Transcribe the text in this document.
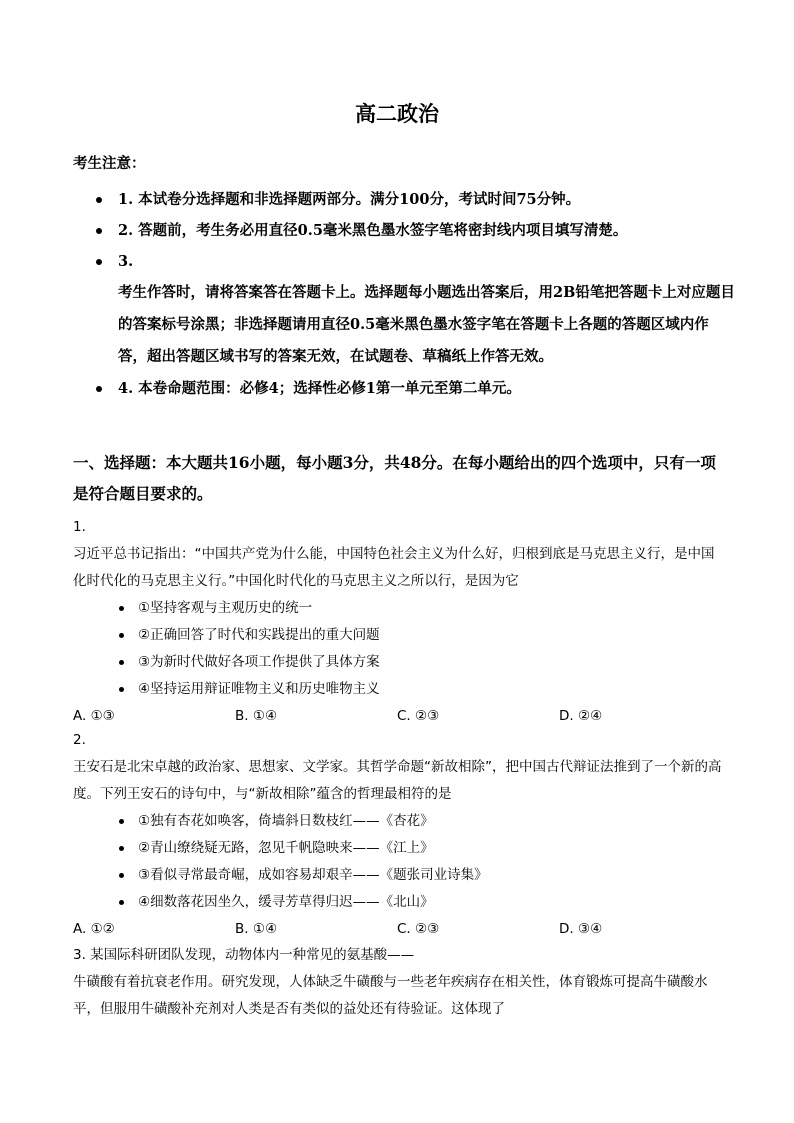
高二政治
考生注意：
1. 本试卷分选择题和非选择题两部分。满分100分，考试时间75分钟。
2. 答题前，考生务必用直径0.5毫米黑色墨水签字笔将密封线内项目填写清楚。
3.
考生作答时，请将答案答在答题卡上。选择题每小题选出答案后，用2B铅笔把答题卡上对应题目的答案标号涂黑；非选择题请用直径0.5毫米黑色墨水签字笔在答题卡上各题的答题区域内作答，超出答题区域书写的答案无效，在试题卷、草稿纸上作答无效。
4. 本卷命题范围：必修4；选择性必修1第一单元至第二单元。
一、选择题：本大题共16小题，每小题3分，共48分。在每小题给出的四个选项中，只有一项是符合题目要求的。
1.
习近平总书记指出：“中国共产党为什么能，中国特色社会主义为什么好，归根到底是马克思主义行，是中国化时代化的马克思主义行。”中国化时代化的马克思主义之所以行，是因为它
①坚持客观与主观历史的统一
②正确回答了时代和实践提出的重大问题
③为新时代做好各项工作提供了具体方案
④坚持运用辩证唯物主义和历史唯物主义
A. ①③	B. ①④	C. ②③	D. ②④
2.
王安石是北宋卓越的政治家、思想家、文学家。其哲学命题“新故相除”，把中国古代辩证法推到了一个新的高度。下列王安石的诗句中，与“新故相除”蕴含的哲理最相符的是
①独有杏花如唤客，倚墙斜日数枝红——《杏花》
②青山缭绕疑无路，忽见千帆隐映来——《江上》
③看似寻常最奇崛，成如容易却艰辛——《题张司业诗集》
④细数落花因坐久，缓寻芳草得归迟——《北山》
A. ①②	B. ①④	C. ②③	D. ③④
3. 某国际科研团队发现，动物体内一种常见的氨基酸——
牛磺酸有着抗衰老作用。研究发现，人体缺乏牛磺酸与一些老年疾病存在相关性，体育锻炼可提高牛磺酸水平，但服用牛磺酸补充剂对人类是否有类似的益处还有待验证。这体现了
